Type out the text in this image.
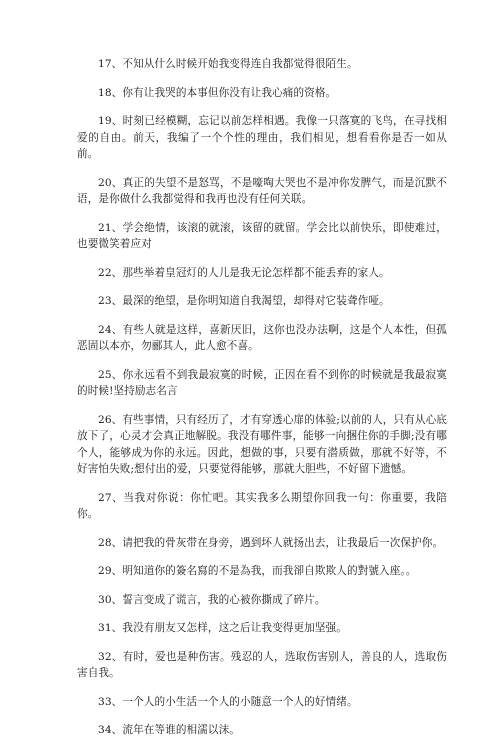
17、不知从什么时候开始我变得连自我都觉得很陌生。

18、你有让我哭的本事但你没有让我心痛的资格。

19、时刻已经模糊，忘记以前怎样相遇。我像一只落寞的飞鸟，在寻找相爱的自由。前天，我编了一个个性的理由，我们相见，想看看你是否一如从前。

20、真正的失望不是怒骂，不是嚎啕大哭也不是冲你发脾气，而是沉默不语，是你做什么我都觉得和我再也没有任何关联。

21、学会绝情，该滚的就滚，该留的就留。学会比以前快乐，即使难过，也要微笑着应对

22、那些举着皇冠灯的人儿是我无论怎样都不能丢弃的家人。

23、最深的绝望，是你明知道自我渴望，却得对它装聋作哑。

24、有些人就是这样，喜新厌旧，这你也没办法啊，这是个人本性，但孤恶固以本亦，勿郦其人，此人愈不喜。

25、你永远看不到我最寂寞的时候，正因在看不到你的时候就是我最寂寞的时候!坚持励志名言

26、有些事情，只有经历了，才有穿透心扉的体验;以前的人，只有从心底放下了，心灵才会真正地解脱。我没有哪件事，能够一向捆住你的手脚;没有哪个人，能够成为你的永远。因此，想做的事，只要有潜质做，那就不好等，不好害怕失败;想付出的爱，只要觉得能够，那就大胆些，不好留下遗憾。

27、当我对你说：你忙吧。其实我多么期望你回我一句：你重要，我陪你。

28、请把我的骨灰带在身旁，遇到坏人就扬出去，让我最后一次保护你。

29、明知道你的簽名寫的不是為我，而我卻自欺欺人的對號入座。。

30、誓言变成了谎言，我的心被你撕成了碎片。

31、我没有朋友又怎样，这之后让我变得更加坚强。

32、有时，爱也是种伤害。残忍的人，选取伤害别人，善良的人，选取伤害自我。

33、一个人的小生活一个人的小随意一个人的好情绪。

34、流年在等谁的相濡以沫。
